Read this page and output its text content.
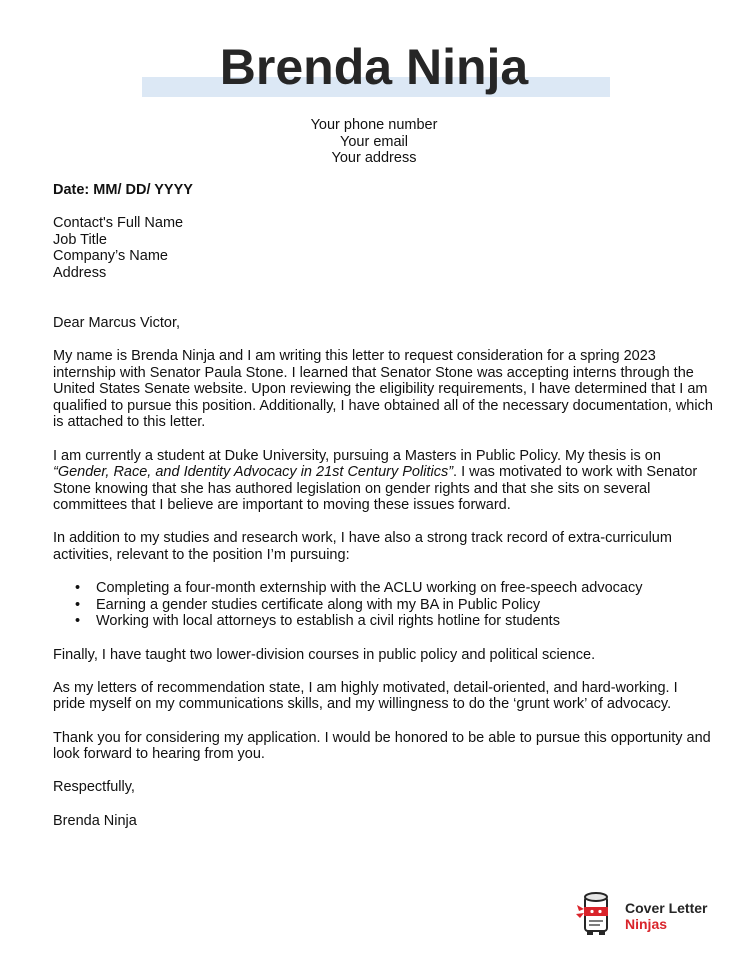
Brenda Ninja
Your phone number
Your email
Your address

Date: MM/ DD/ YYYY

Contact's Full Name
Job Title
Company’s Name
Address

Dear Marcus Victor,

My name is Brenda Ninja and I am writing this letter to request consideration for a spring 2023 internship with Senator Paula Stone. I learned that Senator Stone was accepting interns through the United States Senate website. Upon reviewing the eligibility requirements, I have determined that I am qualified to pursue this position. Additionally, I have obtained all of the necessary documentation, which is attached to this letter.

I am currently a student at Duke University, pursuing a Masters in Public Policy. My thesis is on “Gender, Race, and Identity Advocacy in 21st Century Politics”. I was motivated to work with Senator Stone knowing that she has authored legislation on gender rights and that she sits on several committees that I believe are important to moving these issues forward.

In addition to my studies and research work, I have also a strong track record of extra-curriculum activities, relevant to the position I’m pursuing:

• Completing a four-month externship with the ACLU working on free-speech advocacy
• Earning a gender studies certificate along with my BA in Public Policy
• Working with local attorneys to establish a civil rights hotline for students

Finally, I have taught two lower-division courses in public policy and political science.

As my letters of recommendation state, I am highly motivated, detail-oriented, and hard-working. I pride myself on my communications skills, and my willingness to do the ‘grunt work’ of advocacy.

Thank you for considering my application. I would be honored to be able to pursue this opportunity and look forward to hearing from you.

Respectfully,

Brenda Ninja

Cover Letter
Ninjas
